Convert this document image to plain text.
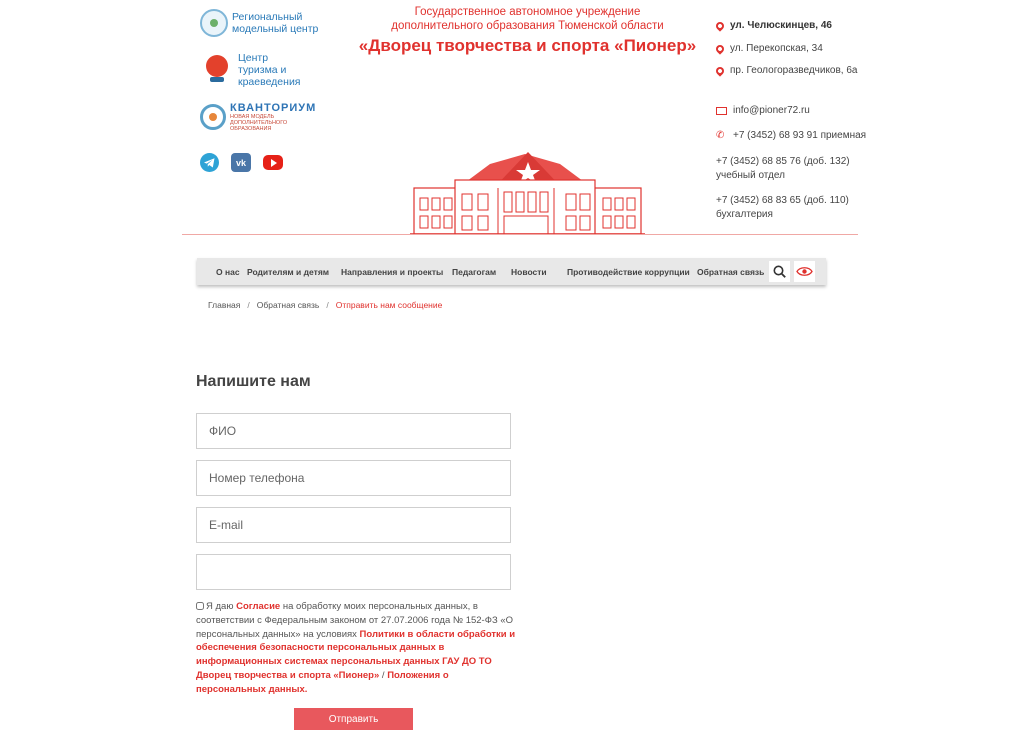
Региональный модельный центр
Центр туризма и краеведения
КВАНТОРИУМ
НОВАЯ МОДЕЛЬ ДОПОЛНИТЕЛЬНОГО ОБРАЗОВАНИЯ
vk
Государственное автономное учреждение
дополнительного образования Тюменской области
«Дворец творчества и спорта «Пионер»
ул. Челюскинцев, 46
ул. Перекопская, 34
пр. Геологоразведчиков, 6а
info@pioner72.ru
✆ +7 (3452) 68 93 91 приемная
+7 (3452) 68 85 76 (доб. 132)
учебный отдел
+7 (3452) 68 83 65 (доб. 110)
бухгалтерия
О нас Родителям и детям Направления и проекты Педагогам Новости Противодействие коррупции Обратная связь
Главная / Обратная связь / Отправить нам сообщение
Напишите нам
ФИО
Номер телефона
E-mail
Я даю Согласие на обработку моих персональных данных, в соответствии с Федеральным законом от 27.07.2006 года № 152-ФЗ «О персональных данных» на условиях Политики в области обработки и обеспечения безопасности персональных данных в информационных системах персональных данных ГАУ ДО ТО Дворец творчества и спорта «Пионер» / Положения о персональных данных.
Отправить
